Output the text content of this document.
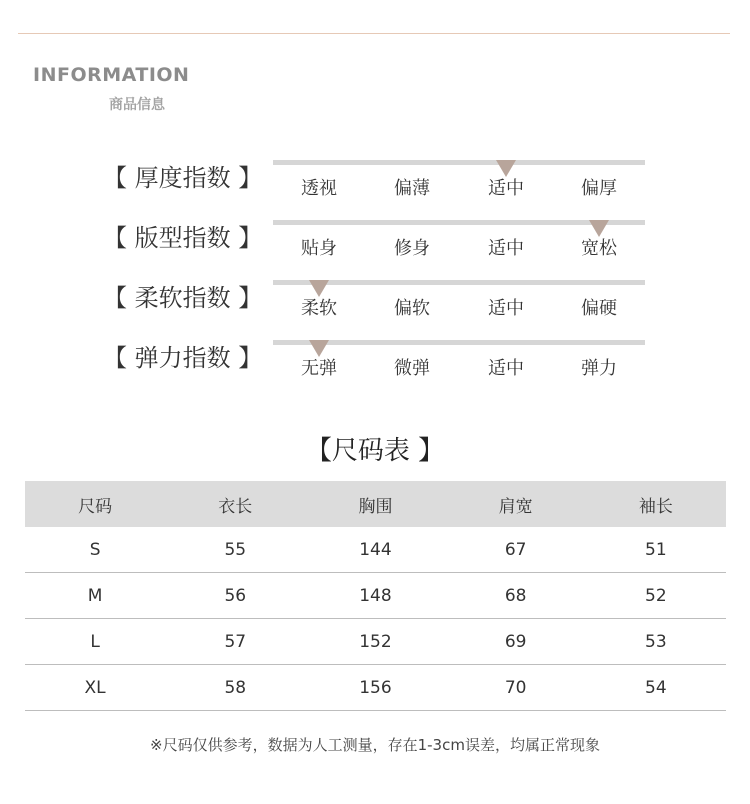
INFORMATION
商品信息
【 厚度指数 】	透视	偏薄	适中	偏厚
【 版型指数 】	贴身	修身	适中	宽松
【 柔软指数 】	柔软	偏软	适中	偏硬
【 弹力指数 】	无弹	微弹	适中	弹力
【尺码表 】
尺码	衣长	胸围	肩宽	袖长
S	55	144	67	51
M	56	148	68	52
L	57	152	69	53
XL	58	156	70	54
※尺码仅供参考，数据为人工测量，存在1-3cm误差，均属正常现象
